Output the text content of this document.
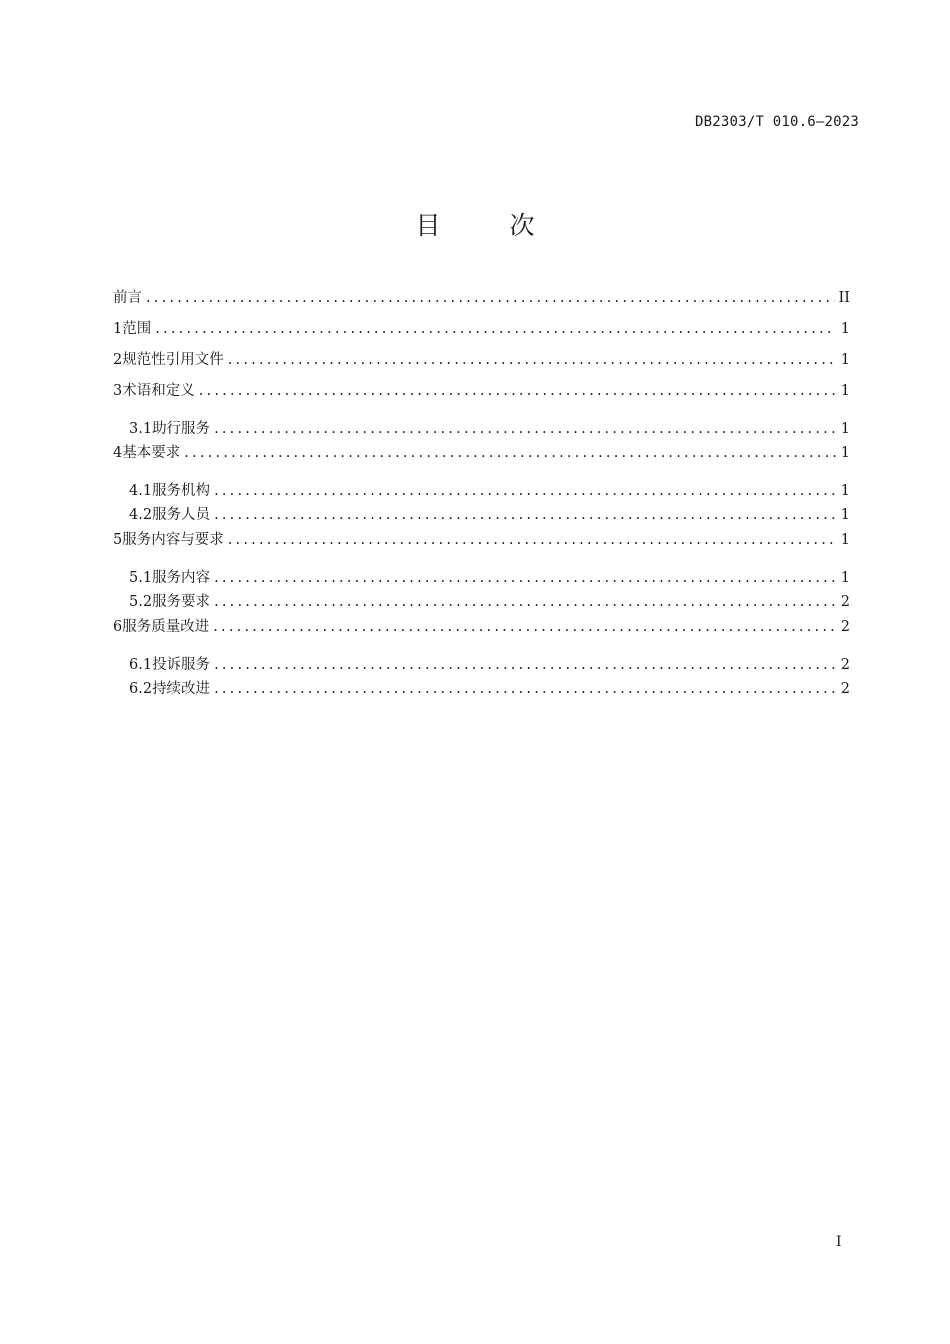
DB2303/T 010.6—2023
目　次
前言 .....	II
1 范围 .....	1
2 规范性引用文件 .....	1
3 术语和定义 .....	1
3.1 助行服务 .....	1
4 基本要求 .....	1
4.1 服务机构 .....	1
4.2 服务人员 .....	1
5 服务内容与要求 .....	1
5.1 服务内容 .....	1
5.2 服务要求 .....	2
6 服务质量改进 .....	2
6.1 投诉服务 .....	2
6.2 持续改进 .....	2
I
